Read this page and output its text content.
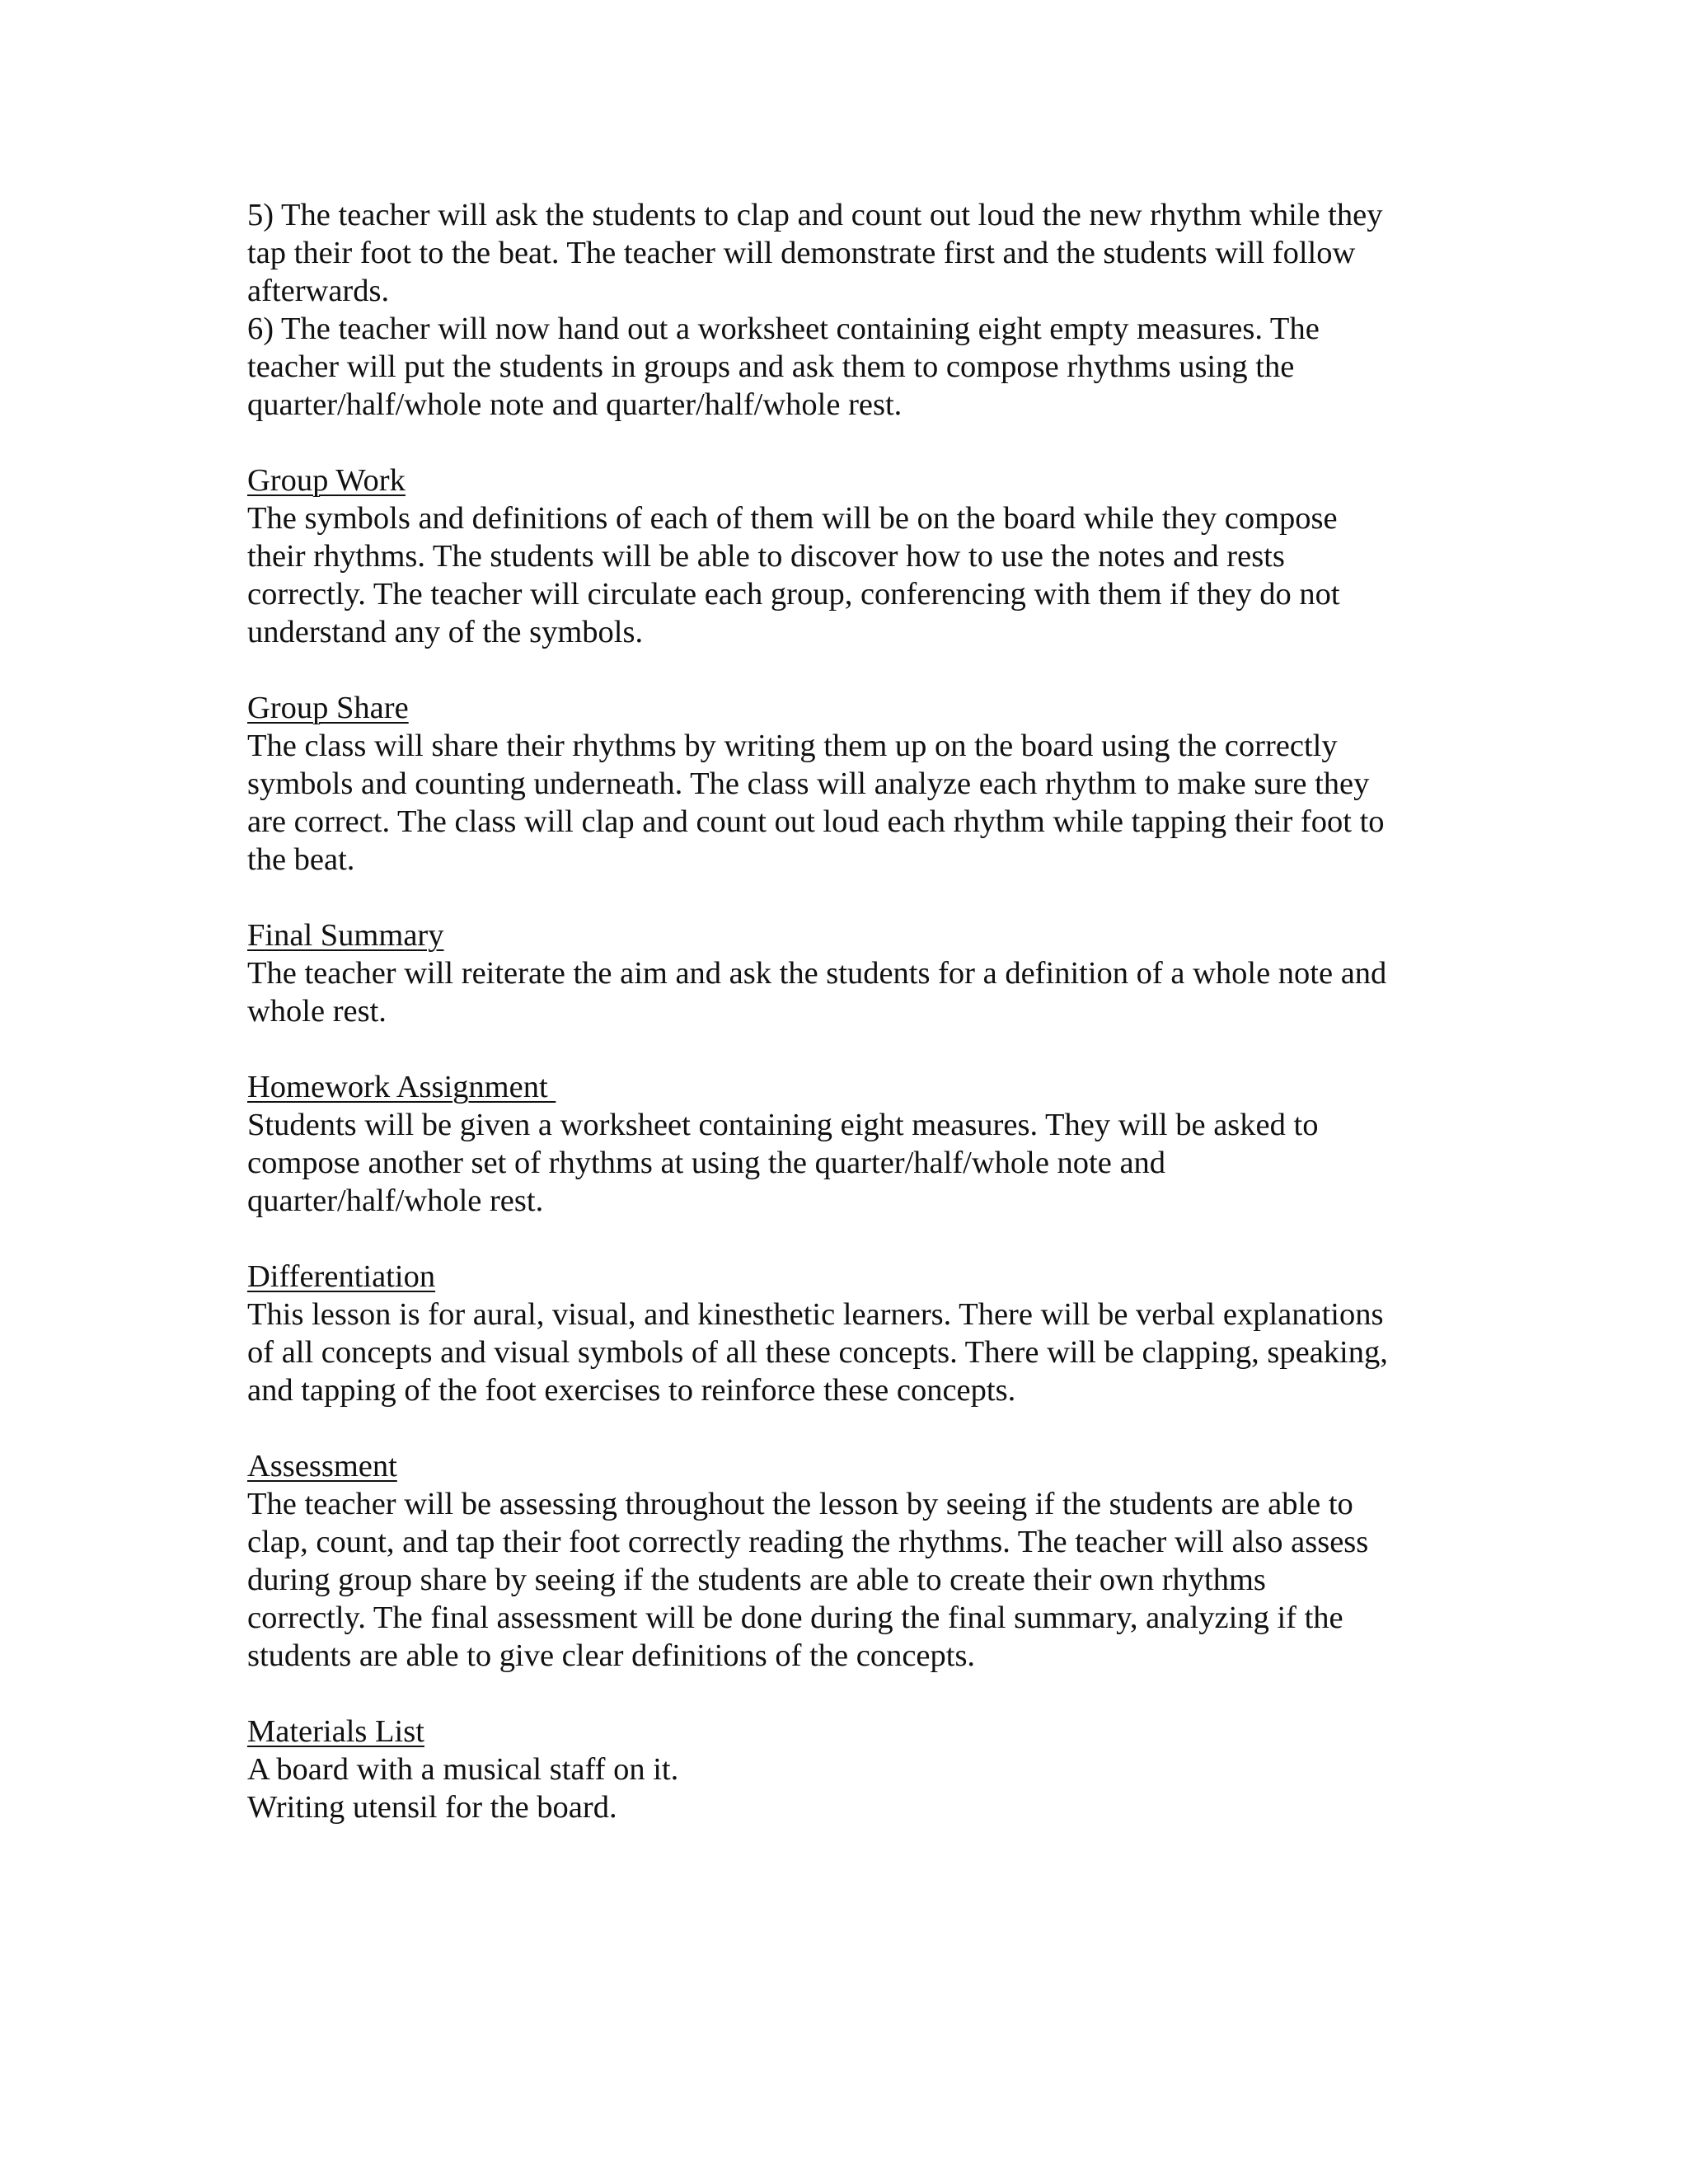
5) The teacher will ask the students to clap and count out loud the new rhythm while they
tap their foot to the beat. The teacher will demonstrate first and the students will follow
afterwards.

6) The teacher will now hand out a worksheet containing eight empty measures. The
teacher will put the students in groups and ask them to compose rhythms using the
quarter/half/whole note and quarter/half/whole rest.

Group Work

The symbols and definitions of each of them will be on the board while they compose
their rhythms. The students will be able to discover how to use the notes and rests
correctly. The teacher will circulate each group, conferencing with them if they do not
understand any of the symbols.

Group Share

The class will share their rhythms by writing them up on the board using the correctly
symbols and counting underneath. The class will analyze each rhythm to make sure they
are correct. The class will clap and count out loud each rhythm while tapping their foot to
the beat.

Final Summary

The teacher will reiterate the aim and ask the students for a definition of a whole note and
whole rest.

Homework Assignment

Students will be given a worksheet containing eight measures. They will be asked to
compose another set of rhythms at using the quarter/half/whole note and
quarter/half/whole rest.

Differentiation

This lesson is for aural, visual, and kinesthetic learners. There will be verbal explanations
of all concepts and visual symbols of all these concepts. There will be clapping, speaking,
and tapping of the foot exercises to reinforce these concepts.

Assessment

The teacher will be assessing throughout the lesson by seeing if the students are able to
clap, count, and tap their foot correctly reading the rhythms. The teacher will also assess
during group share by seeing if the students are able to create their own rhythms
correctly. The final assessment will be done during the final summary, analyzing if the
students are able to give clear definitions of the concepts.

Materials List

A board with a musical staff on it.

Writing utensil for the board.
